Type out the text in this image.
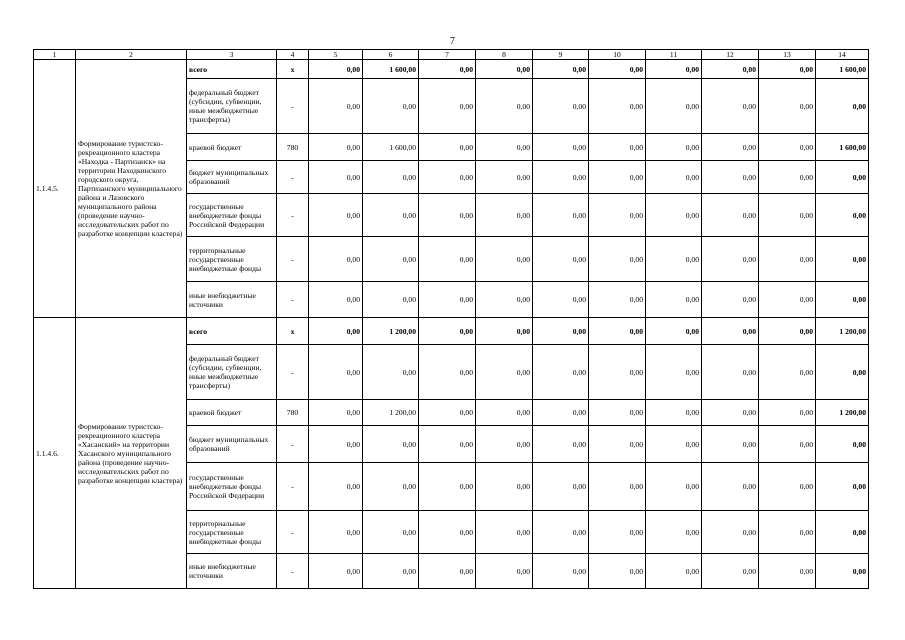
7
1	2	3	4	5	6	7	8	9	10	11	12	13	14
1.1.4.5.	Формирование туристско-рекреационного кластера «Находка - Партизанск» на территории Находкинского городского округа, Партизанского муниципального района и Лазовского муниципального района (проведение научно-исследовательских работ по разработке концепции кластера)	всего	х	0,00	1 600,00	0,00	0,00	0,00	0,00	0,00	0,00	0,00	1 600,00
		федеральный бюджет (субсидии, субвенции, иные межбюджетные трансферты)	-	0,00	0,00	0,00	0,00	0,00	0,00	0,00	0,00	0,00	0,00
		краевой бюджет	780	0,00	1 600,00	0,00	0,00	0,00	0,00	0,00	0,00	0,00	1 600,00
		бюджет муниципальных образований	-	0,00	0,00	0,00	0,00	0,00	0,00	0,00	0,00	0,00	0,00
		государственные внебюджетные фонды Российской Федерации	-	0,00	0,00	0,00	0,00	0,00	0,00	0,00	0,00	0,00	0,00
		территориальные государственные внебюджетные фонды	-	0,00	0,00	0,00	0,00	0,00	0,00	0,00	0,00	0,00	0,00
		иные внебюджетные источники	-	0,00	0,00	0,00	0,00	0,00	0,00	0,00	0,00	0,00	0,00
1.1.4.6.	Формирование туристско-рекреационного кластера «Хасанский» на территории Хасанского муниципального района (проведение научно-исследовательских работ по разработке концепции кластера)	всего	х	0,00	1 200,00	0,00	0,00	0,00	0,00	0,00	0,00	0,00	1 200,00
		федеральный бюджет (субсидии, субвенции, иные межбюджетные трансферты)	-	0,00	0,00	0,00	0,00	0,00	0,00	0,00	0,00	0,00	0,00
		краевой бюджет	780	0,00	1 200,00	0,00	0,00	0,00	0,00	0,00	0,00	0,00	1 200,00
		бюджет муниципальных образований	-	0,00	0,00	0,00	0,00	0,00	0,00	0,00	0,00	0,00	0,00
		государственные внебюджетные фонды Российской Федерации	-	0,00	0,00	0,00	0,00	0,00	0,00	0,00	0,00	0,00	0,00
		территориальные государственные внебюджетные фонды	-	0,00	0,00	0,00	0,00	0,00	0,00	0,00	0,00	0,00	0,00
		иные внебюджетные источники	-	0,00	0,00	0,00	0,00	0,00	0,00	0,00	0,00	0,00	0,00
